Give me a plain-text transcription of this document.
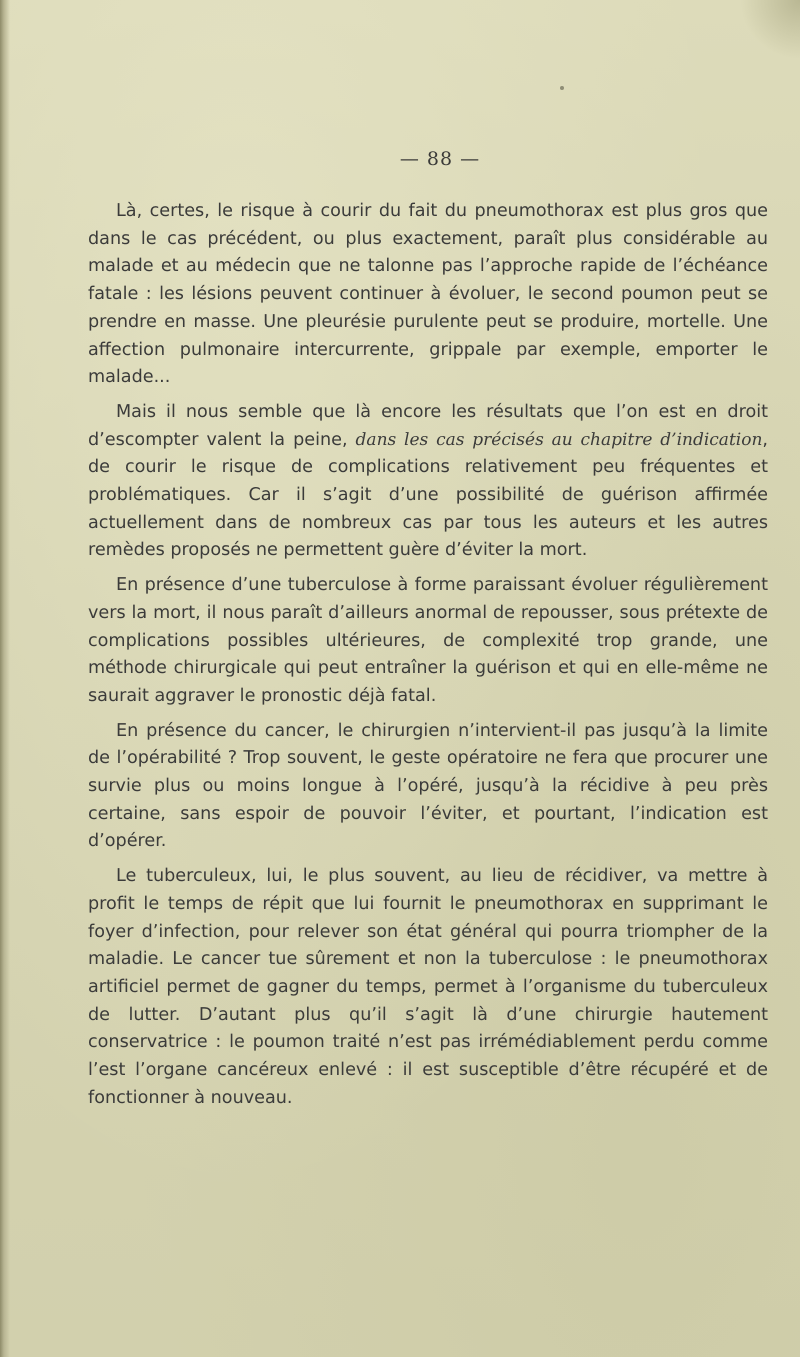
— 88 —

Là, certes, le risque à courir du fait du pneumothorax est plus gros que dans le cas précédent, ou plus exactement, paraît plus considérable au malade et au médecin que ne talonne pas l’approche rapide de l’échéance fatale : les lésions peuvent continuer à évoluer, le second poumon peut se prendre en masse. Une pleurésie purulente peut se produire, mortelle. Une affection pulmonaire intercurrente, grippale par exemple, emporter le malade...

Mais il nous semble que là encore les résultats que l’on est en droit d’escompter valent la peine, dans les cas précisés au chapitre d’indication, de courir le risque de complications relativement peu fréquentes et problématiques. Car il s’agit d’une possibilité de guérison affirmée actuellement dans de nombreux cas par tous les auteurs et les autres remèdes proposés ne permettent guère d’éviter la mort.

En présence d’une tuberculose à forme paraissant évoluer régulièrement vers la mort, il nous paraît d’ailleurs anormal de repousser, sous prétexte de complications possibles ultérieures, de complexité trop grande, une méthode chirurgicale qui peut entraîner la guérison et qui en elle-même ne saurait aggraver le pronostic déjà fatal.

En présence du cancer, le chirurgien n’intervient-il pas jusqu’à la limite de l’opérabilité ? Trop souvent, le geste opératoire ne fera que procurer une survie plus ou moins longue à l’opéré, jusqu’à la récidive à peu près certaine, sans espoir de pouvoir l’éviter, et pourtant, l’indication est d’opérer.

Le tuberculeux, lui, le plus souvent, au lieu de récidiver, va mettre à profit le temps de répit que lui fournit le pneumothorax en supprimant le foyer d’infection, pour relever son état général qui pourra triompher de la maladie. Le cancer tue sûrement et non la tuberculose : le pneumothorax artificiel permet de gagner du temps, permet à l’organisme du tuberculeux de lutter. D’autant plus qu’il s’agit là d’une chirurgie hautement conservatrice : le poumon traité n’est pas irrémédiablement perdu comme l’est l’organe cancéreux enlevé : il est susceptible d’être récupéré et de fonctionner à nouveau.
